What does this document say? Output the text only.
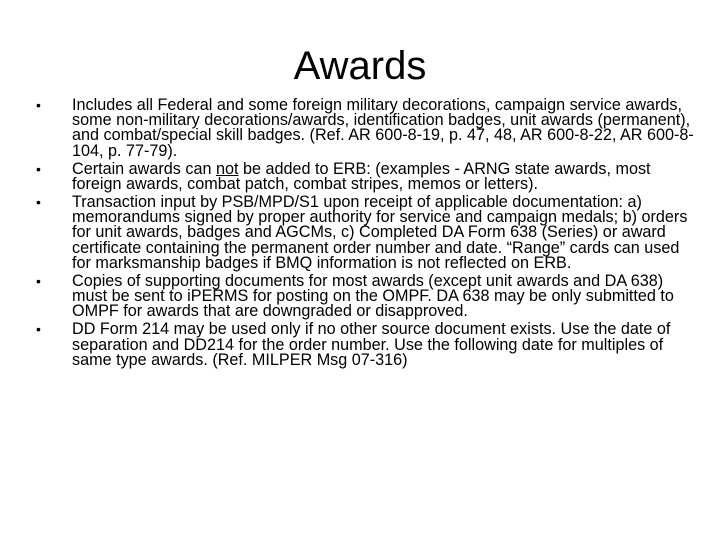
Awards
•	Includes all Federal and some foreign military decorations, campaign service awards, some non-military decorations/awards, identification badges, unit awards (permanent), and combat/special skill badges. (Ref. AR 600-8-19, p. 47, 48, AR 600-8-22, AR 600-8-104, p. 77-79).
•	Certain awards can not be added to ERB: (examples - ARNG state awards, most foreign awards, combat patch, combat stripes, memos or letters).
•	Transaction input by PSB/MPD/S1 upon receipt of applicable documentation: a) memorandums signed by proper authority for service and campaign medals; b) orders for unit awards, badges and AGCMs, c) Completed DA Form 638 (Series) or award certificate containing the permanent order number and date. “Range” cards can used for marksmanship badges if BMQ information is not reflected on ERB.
•	Copies of supporting documents for most awards (except unit awards and DA 638) must be sent to iPERMS for posting on the OMPF. DA 638 may be only submitted to OMPF for awards that are downgraded or disapproved.
•	DD Form 214 may be used only if no other source document exists. Use the date of separation and DD214 for the order number. Use the following date for multiples of same type awards. (Ref. MILPER Msg 07-316)
